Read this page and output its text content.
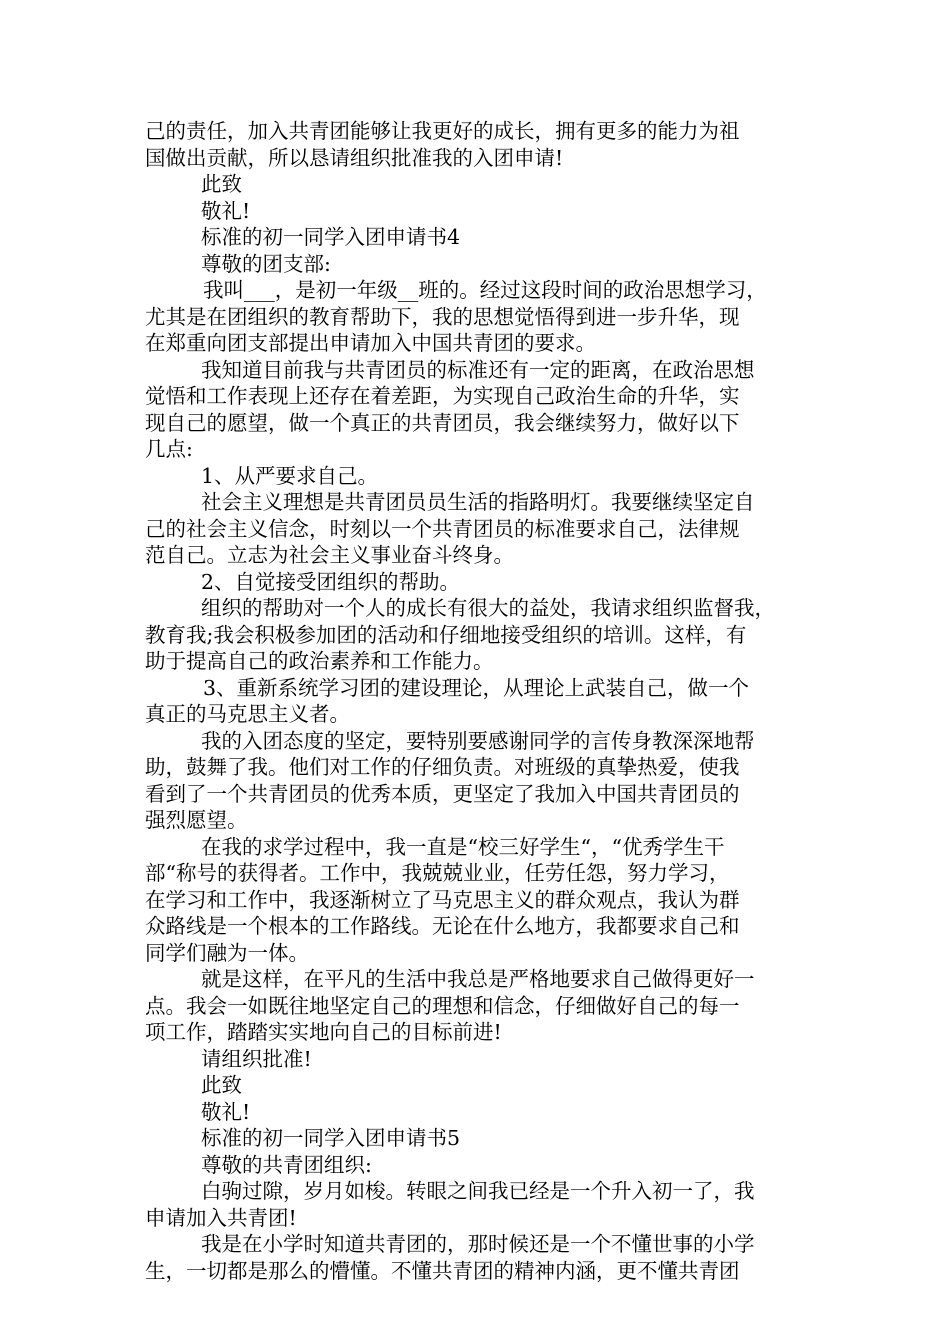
己的责任，加入共青团能够让我更好的成长，拥有更多的能力为祖
国做出贡献，所以恳请组织批准我的入团申请!
此致
敬礼!
标准的初一同学入团申请书4
尊敬的团支部:
我叫___，是初一年级__班的。经过这段时间的政治思想学习，
尤其是在团组织的教育帮助下，我的思想觉悟得到进一步升华，现
在郑重向团支部提出申请加入中国共青团的要求。
我知道目前我与共青团员的标准还有一定的距离，在政治思想
觉悟和工作表现上还存在着差距，为实现自己政治生命的升华，实
现自己的愿望，做一个真正的共青团员，我会继续努力，做好以下
几点:
1、从严要求自己。
社会主义理想是共青团员员生活的指路明灯。我要继续坚定自
己的社会主义信念，时刻以一个共青团员的标准要求自己，法律规
范自己。立志为社会主义事业奋斗终身。
2、自觉接受团组织的帮助。
组织的帮助对一个人的成长有很大的益处，我请求组织监督我，
教育我;我会积极参加团的活动和仔细地接受组织的培训。这样，有
助于提高自己的政治素养和工作能力。
3、重新系统学习团的建设理论，从理论上武装自己，做一个
真正的马克思主义者。
我的入团态度的坚定，要特别要感谢同学的言传身教深深地帮
助，鼓舞了我。他们对工作的仔细负责。对班级的真挚热爱，使我
看到了一个共青团员的优秀本质，更坚定了我加入中国共青团员的
强烈愿望。
在我的求学过程中，我一直是“校三好学生“，“优秀学生干
部“称号的获得者。工作中，我兢兢业业，任劳任怨，努力学习，
在学习和工作中，我逐渐树立了马克思主义的群众观点，我认为群
众路线是一个根本的工作路线。无论在什么地方，我都要求自己和
同学们融为一体。
就是这样，在平凡的生活中我总是严格地要求自己做得更好一
点。我会一如既往地坚定自己的理想和信念，仔细做好自己的每一
项工作，踏踏实实地向自己的目标前进!
请组织批准!
此致
敬礼!
标准的初一同学入团申请书5
尊敬的共青团组织:
白驹过隙，岁月如梭。转眼之间我已经是一个升入初一了，我
申请加入共青团!
我是在小学时知道共青团的，那时候还是一个不懂世事的小学
生，一切都是那么的懵懂。不懂共青团的精神内涵，更不懂共青团
